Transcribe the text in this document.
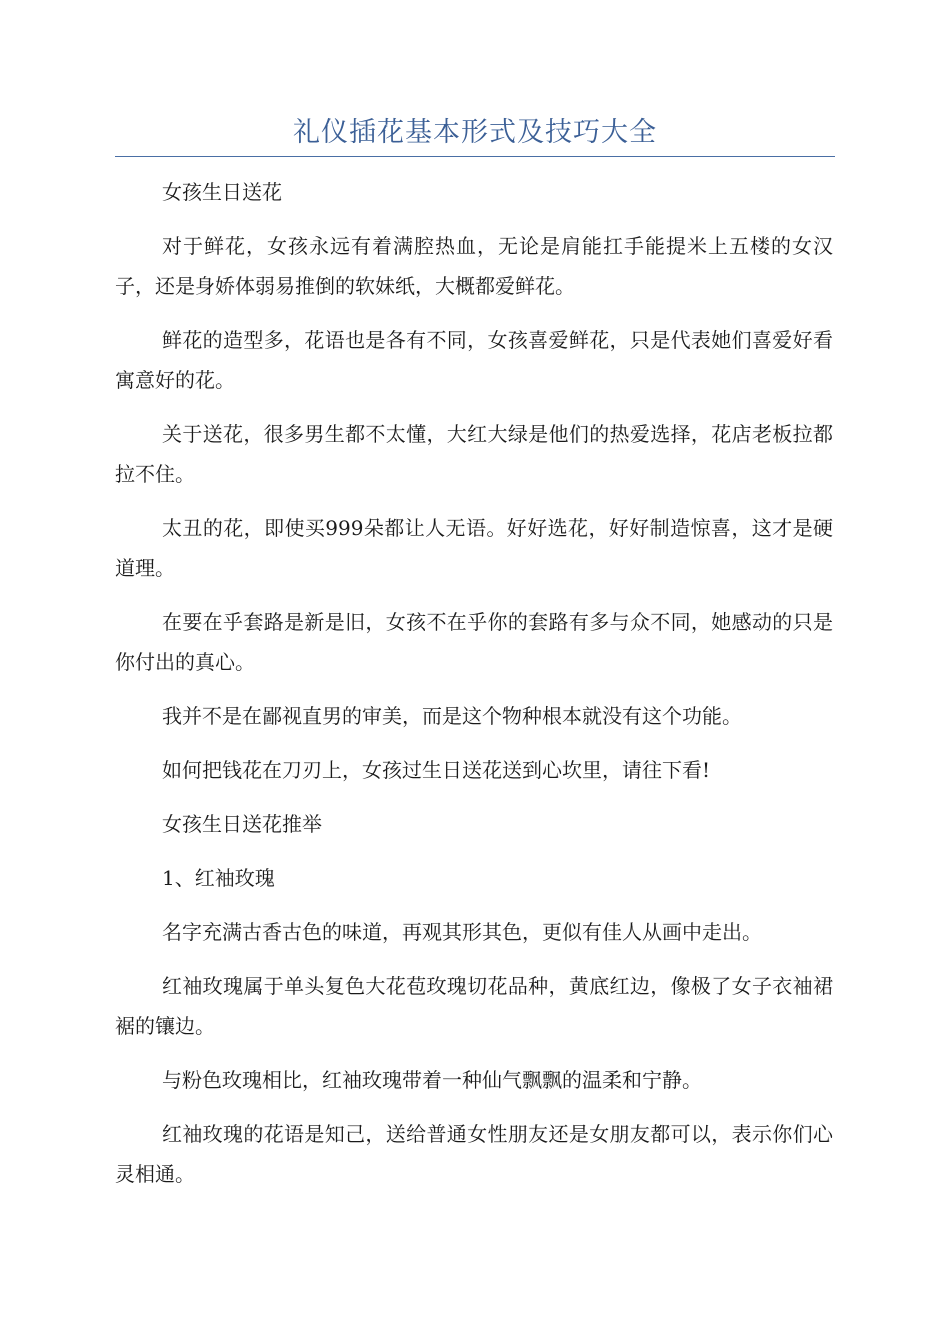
礼仪插花基本形式及技巧大全

女孩生日送花

对于鲜花，女孩永远有着满腔热血，无论是肩能扛手能提米上五楼的女汉子，还是身娇体弱易推倒的软妹纸，大概都爱鲜花。

鲜花的造型多，花语也是各有不同，女孩喜爱鲜花，只是代表她们喜爱好看寓意好的花。

关于送花，很多男生都不太懂，大红大绿是他们的热爱选择，花店老板拉都拉不住。

太丑的花，即使买999朵都让人无语。好好选花，好好制造惊喜，这才是硬道理。

在要在乎套路是新是旧，女孩不在乎你的套路有多与众不同，她感动的只是你付出的真心。

我并不是在鄙视直男的审美，而是这个物种根本就没有这个功能。

如何把钱花在刀刃上，女孩过生日送花送到心坎里，请往下看!

女孩生日送花推举

1、红袖玫瑰

名字充满古香古色的味道，再观其形其色，更似有佳人从画中走出。

红袖玫瑰属于单头复色大花苞玫瑰切花品种，黄底红边，像极了女子衣袖裙裾的镶边。

与粉色玫瑰相比，红袖玫瑰带着一种仙气飘飘的温柔和宁静。

红袖玫瑰的花语是知己，送给普通女性朋友还是女朋友都可以，表示你们心灵相通。
